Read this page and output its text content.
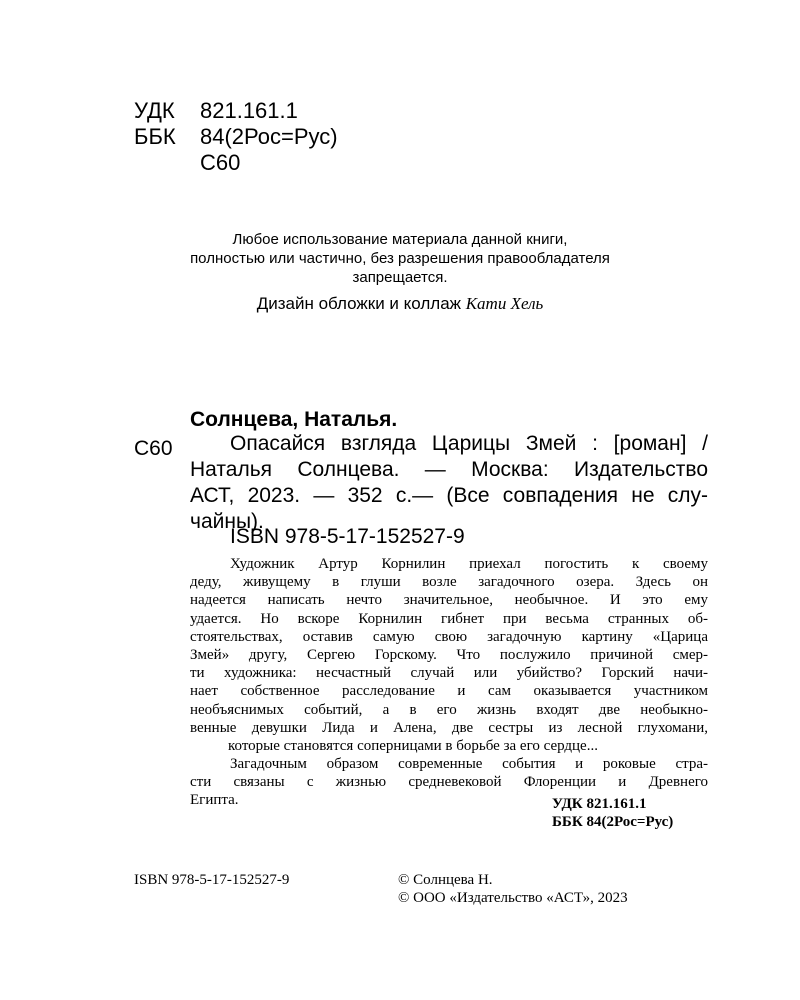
УДК	821.161.1
ББК	84(2Рос=Рус)
С60
Любое использование материала данной книги,
полностью или частично, без разрешения правообладателя
запрещается.
Дизайн обложки и коллаж Кати Хель
Солнцева, Наталья.
С60	Опасайся взгляда Царицы Змей : [роман] /
Наталья Солнцева. — Москва: Издательство
АСТ, 2023. — 352 с.— (Все совпадения не слу-
чайны).
ISBN 978-5-17-152527-9
Художник Артур Корнилин приехал погостить к своему
деду, живущему в глуши возле загадочного озера. Здесь он
надеется написать нечто значительное, необычное. И это ему
удается. Но вскоре Корнилин гибнет при весьма странных об-
стоятельствах, оставив самую свою загадочную картину «Царица
Змей» другу, Сергею Горскому. Что послужило причиной смер-
ти художника: несчастный случай или убийство? Горский начи-
нает собственное расследование и сам оказывается участником
необъяснимых событий, а в его жизнь входят две необыкно-
венные девушки Лида и Алена, две сестры из лесной глухомани,
которые становятся соперницами в борьбе за его сердце...
Загадочным образом современные события и роковые стра-
сти связаны с жизнью средневековой Флоренции и Древнего
Египта.	УДК 821.161.1
ББК 84(2Рос=Рус)
ISBN 978-5-17-152527-9	© Солнцева Н.
© ООО «Издательство «АСТ», 2023
